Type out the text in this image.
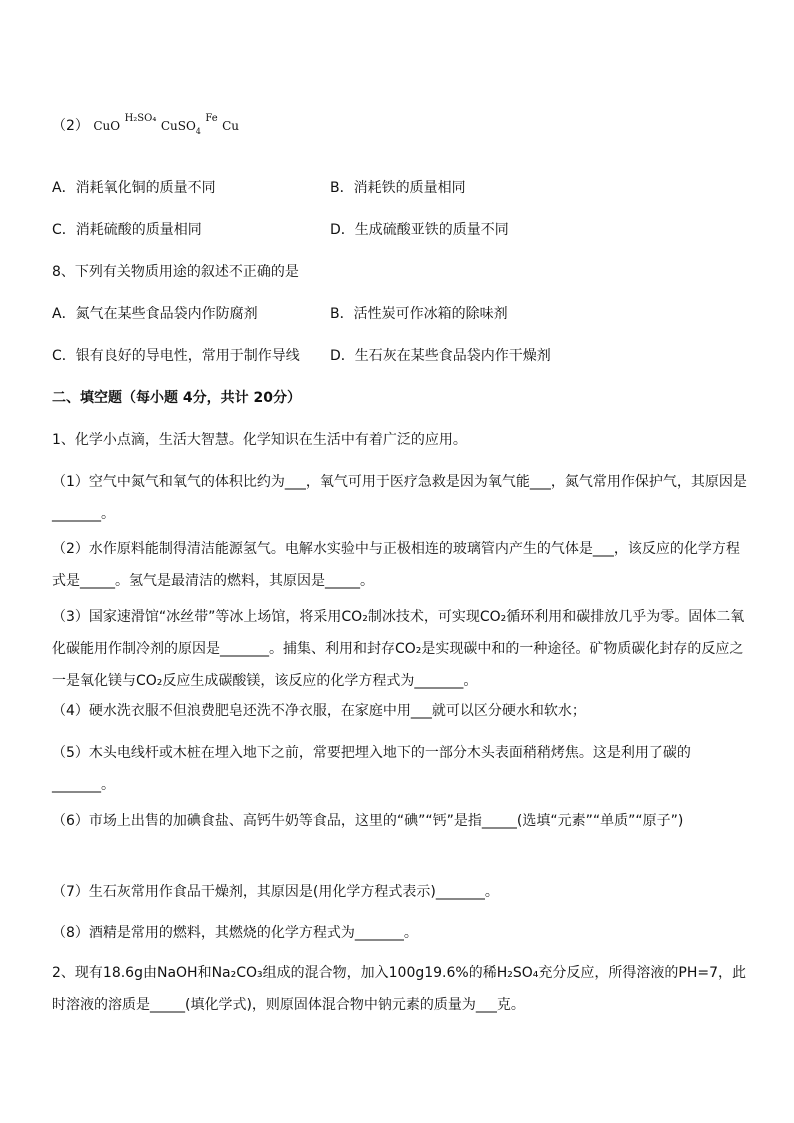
（2） CuO $^{H_2SO_4}$ CuSO$_4$ $^{Fe}$ Cu
A．消耗氧化铜的质量不同	B．消耗铁的质量相同
C．消耗硫酸的质量相同	D．生成硫酸亚铁的质量不同
8、下列有关物质用途的叙述不正确的是
A．氮气在某些食品袋内作防腐剂	B．活性炭可作冰箱的除味剂
C．银有良好的导电性，常用于制作导线 D．生石灰在某些食品袋内作干燥剂
二、填空题（每小题 4分，共计 20分）
1、化学小点滴，生活大智慧。化学知识在生活中有着广泛的应用。
（1）空气中氮气和氧气的体积比约为___，氧气可用于医疗急救是因为氧气能___，氮气常用作保护气，其原因是_______。
（2）水作原料能制得清洁能源氢气。电解水实验中与正极相连的玻璃管内产生的气体是___，该反应的化学方程式是_____。氢气是最清洁的燃料，其原因是_____。
（3）国家速滑馆“冰丝带”等冰上场馆，将采用CO₂制冰技术，可实现CO₂循环利用和碳排放几乎为零。固体二氧化碳能用作制冷剂的原因是_______。捕集、利用和封存CO₂是实现碳中和的一种途径。矿物质碳化封存的反应之一是氧化镁与CO₂反应生成碳酸镁，该反应的化学方程式为_______。
（4）硬水洗衣服不但浪费肥皂还洗不净衣服，在家庭中用___就可以区分硬水和软水；
（5）木头电线杆或木桩在埋入地下之前，常要把埋入地下的一部分木头表面稍稍烤焦。这是利用了碳的_______。
（6）市场上出售的加碘食盐、高钙牛奶等食品，这里的“碘”“钙”是指_____(选填“元素”“单质”“原子”)
（7）生石灰常用作食品干燥剂，其原因是(用化学方程式表示)_______。
（8）酒精是常用的燃料，其燃烧的化学方程式为_______。
2、现有18.6g由NaOH和Na₂CO₃组成的混合物，加入100g19.6%的稀H₂SO₄充分反应，所得溶液的PH=7，此时溶液的溶质是_____(填化学式)，则原固体混合物中钠元素的质量为___克。
